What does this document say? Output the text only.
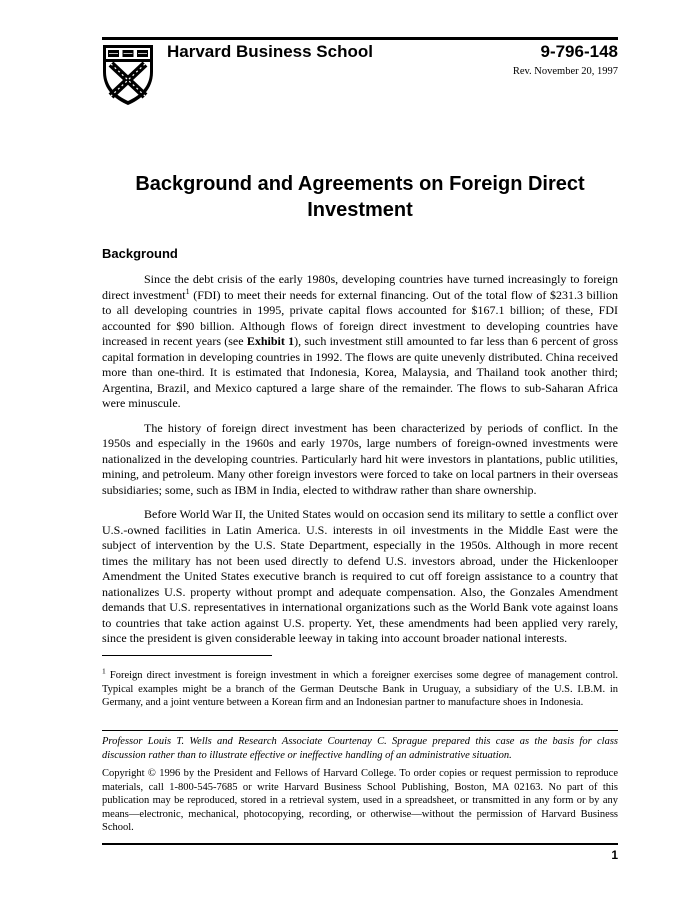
Harvard Business School	9-796-148
Rev. November 20, 1997
Background and Agreements on Foreign Direct Investment
Background

Since the debt crisis of the early 1980s, developing countries have turned increasingly to foreign direct investment$^1$ (FDI) to meet their needs for external financing. Out of the total flow of $231.3 billion to all developing countries in 1995, private capital flows accounted for $167.1 billion; of these, FDI accounted for $90 billion. Although flows of foreign direct investment to developing countries have increased in recent years (see Exhibit 1), such investment still amounted to far less than 6 percent of gross capital formation in developing countries in 1992. The flows are quite unevenly distributed. China received more than one-third. It is estimated that Indonesia, Korea, Malaysia, and Thailand took another third; Argentina, Brazil, and Mexico captured a large share of the remainder. The flows to sub-Saharan Africa were minuscule.

The history of foreign direct investment has been characterized by periods of conflict. In the 1950s and especially in the 1960s and early 1970s, large numbers of foreign-owned investments were nationalized in the developing countries. Particularly hard hit were investors in plantations, public utilities, mining, and petroleum. Many other foreign investors were forced to take on local partners in their overseas subsidiaries; some, such as IBM in India, elected to withdraw rather than share ownership.

Before World War II, the United States would on occasion send its military to settle a conflict over U.S.-owned facilities in Latin America. U.S. interests in oil investments in the Middle East were the subject of intervention by the U.S. State Department, especially in the 1950s. Although in more recent times the military has not been used directly to defend U.S. investors abroad, under the Hickenlooper Amendment the United States executive branch is required to cut off foreign assistance to a country that nationalizes U.S. property without prompt and adequate compensation. Also, the Gonzales Amendment demands that U.S. representatives in international organizations such as the World Bank vote against loans to countries that take action against U.S. property. Yet, these amendments had been applied very rarely, since the president is given considerable leeway in taking into account broader national interests.

$^1$ Foreign direct investment is foreign investment in which a foreigner exercises some degree of management control. Typical examples might be a branch of the German Deutsche Bank in Uruguay, a subsidiary of the U.S. I.B.M. in Germany, and a joint venture between a Korean firm and an Indonesian partner to manufacture shoes in Indonesia.
Professor Louis T. Wells and Research Associate Courtenay C. Sprague prepared this case as the basis for class discussion rather than to illustrate effective or ineffective handling of an administrative situation.
Copyright © 1996 by the President and Fellows of Harvard College. To order copies or request permission to reproduce materials, call 1-800-545-7685 or write Harvard Business School Publishing, Boston, MA 02163. No part of this publication may be reproduced, stored in a retrieval system, used in a spreadsheet, or transmitted in any form or by any means—electronic, mechanical, photocopying, recording, or otherwise—without the permission of Harvard Business School.
1
